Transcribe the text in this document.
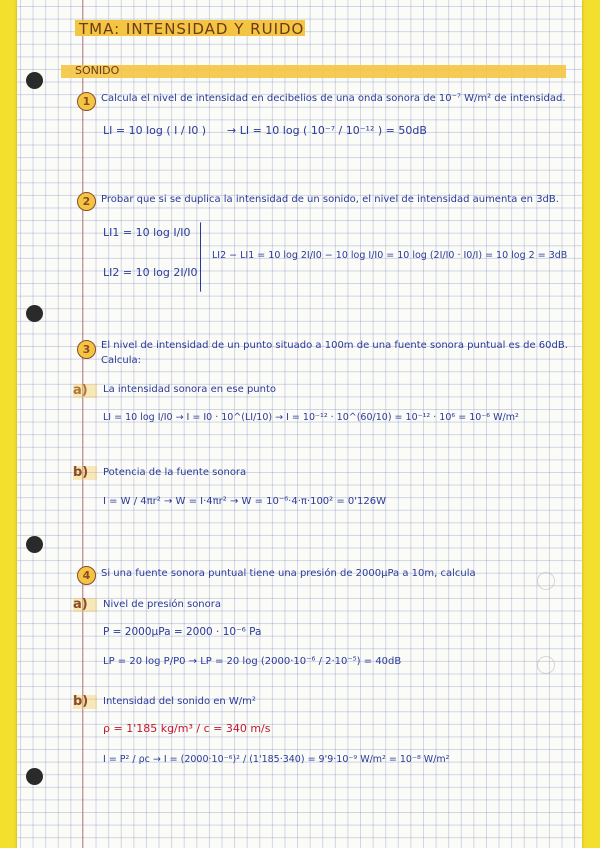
TMA: INTENSIDAD Y RUIDO
SONIDO
1	Calcula el nivel de intensidad en decibelios de una onda sonora de 10⁻⁷ W/m² de intensidad.
LI = 10 log ( I / I0 ) → LI = 10 log ( 10⁻⁷ / 10⁻¹² ) = 50dB
2	Probar que si se duplica la intensidad de un sonido, el nivel de intensidad aumenta en 3dB.
LI1 = 10 log I/I0
LI2 = 10 log 2I/I0
LI2 − LI1 = 10 log 2I/I0 − 10 log I/I0 = 10 log (2I/I0 · I0/I) = 10 log 2 = 3dB
3	El nivel de intensidad de un punto situado a 100m de una fuente sonora puntual es de 60dB. Calcula:
a) La intensidad sonora en ese punto
LI = 10 log I/I0 → I = I0 · 10^(LI/10) → I = 10⁻¹² · 10^(60/10) = 10⁻¹² · 10⁶ = 10⁻⁶ W/m²
b) Potencia de la fuente sonora
I = W / 4πr² → W = I·4πr² → W = 10⁻⁶·4·π·100² = 0'126W
4	Si una fuente sonora puntual tiene una presión de 2000µPa a 10m, calcula
a) Nivel de presión sonora
P = 2000µPa = 2000 · 10⁻⁶ Pa
LP = 20 log P/P0 → LP = 20 log (2000·10⁻⁶ / 2·10⁻⁵) = 40dB
b) Intensidad del sonido en W/m²
ρ = 1'185 kg/m³ / c = 340 m/s
I = P² / ρc → I = (2000·10⁻⁶)² / (1'185·340) = 9'9·10⁻⁹ W/m² = 10⁻⁸ W/m²
